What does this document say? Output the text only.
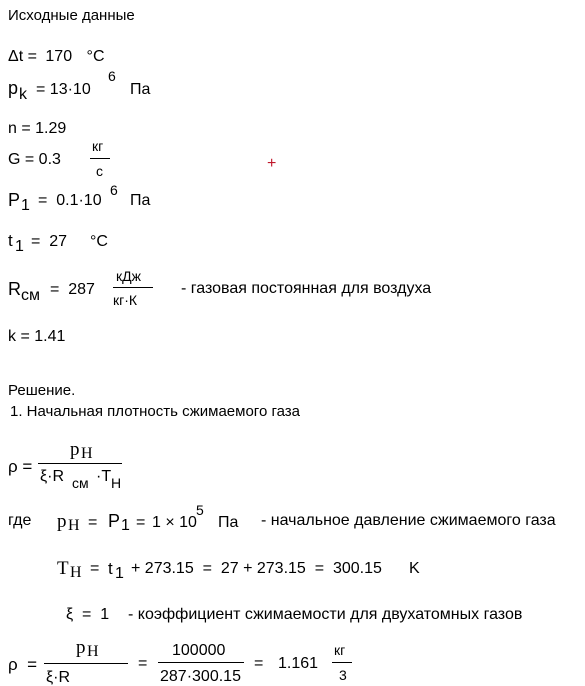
Исходные данные
Δt = 170 °C
p k = 13·10
6
Па
n = 1.29
G = 0.3
кг
с	+
P 1 = 0.1·10
6
Па
t 1 = 27 °C
R см = 287
кДж
кг·К
- газовая постоянная для воздуха
k = 1.41
Решение.
1. Начальная плотность сжимаемого газа
ρ =
p Н
ξ·R см ·T Н
где p Н = P 1 = 1 × 10
5
Па - начальное давление сжимаемого газа
T Н = t 1 + 273.15  =  27 + 273.15  =  300.15 K
ξ  =  1 - коэффициент сжимаемости для двухатомных газов
ρ  =
p Н
ξ·R
=
100000
287·300.15
= 1.161
кг
3
